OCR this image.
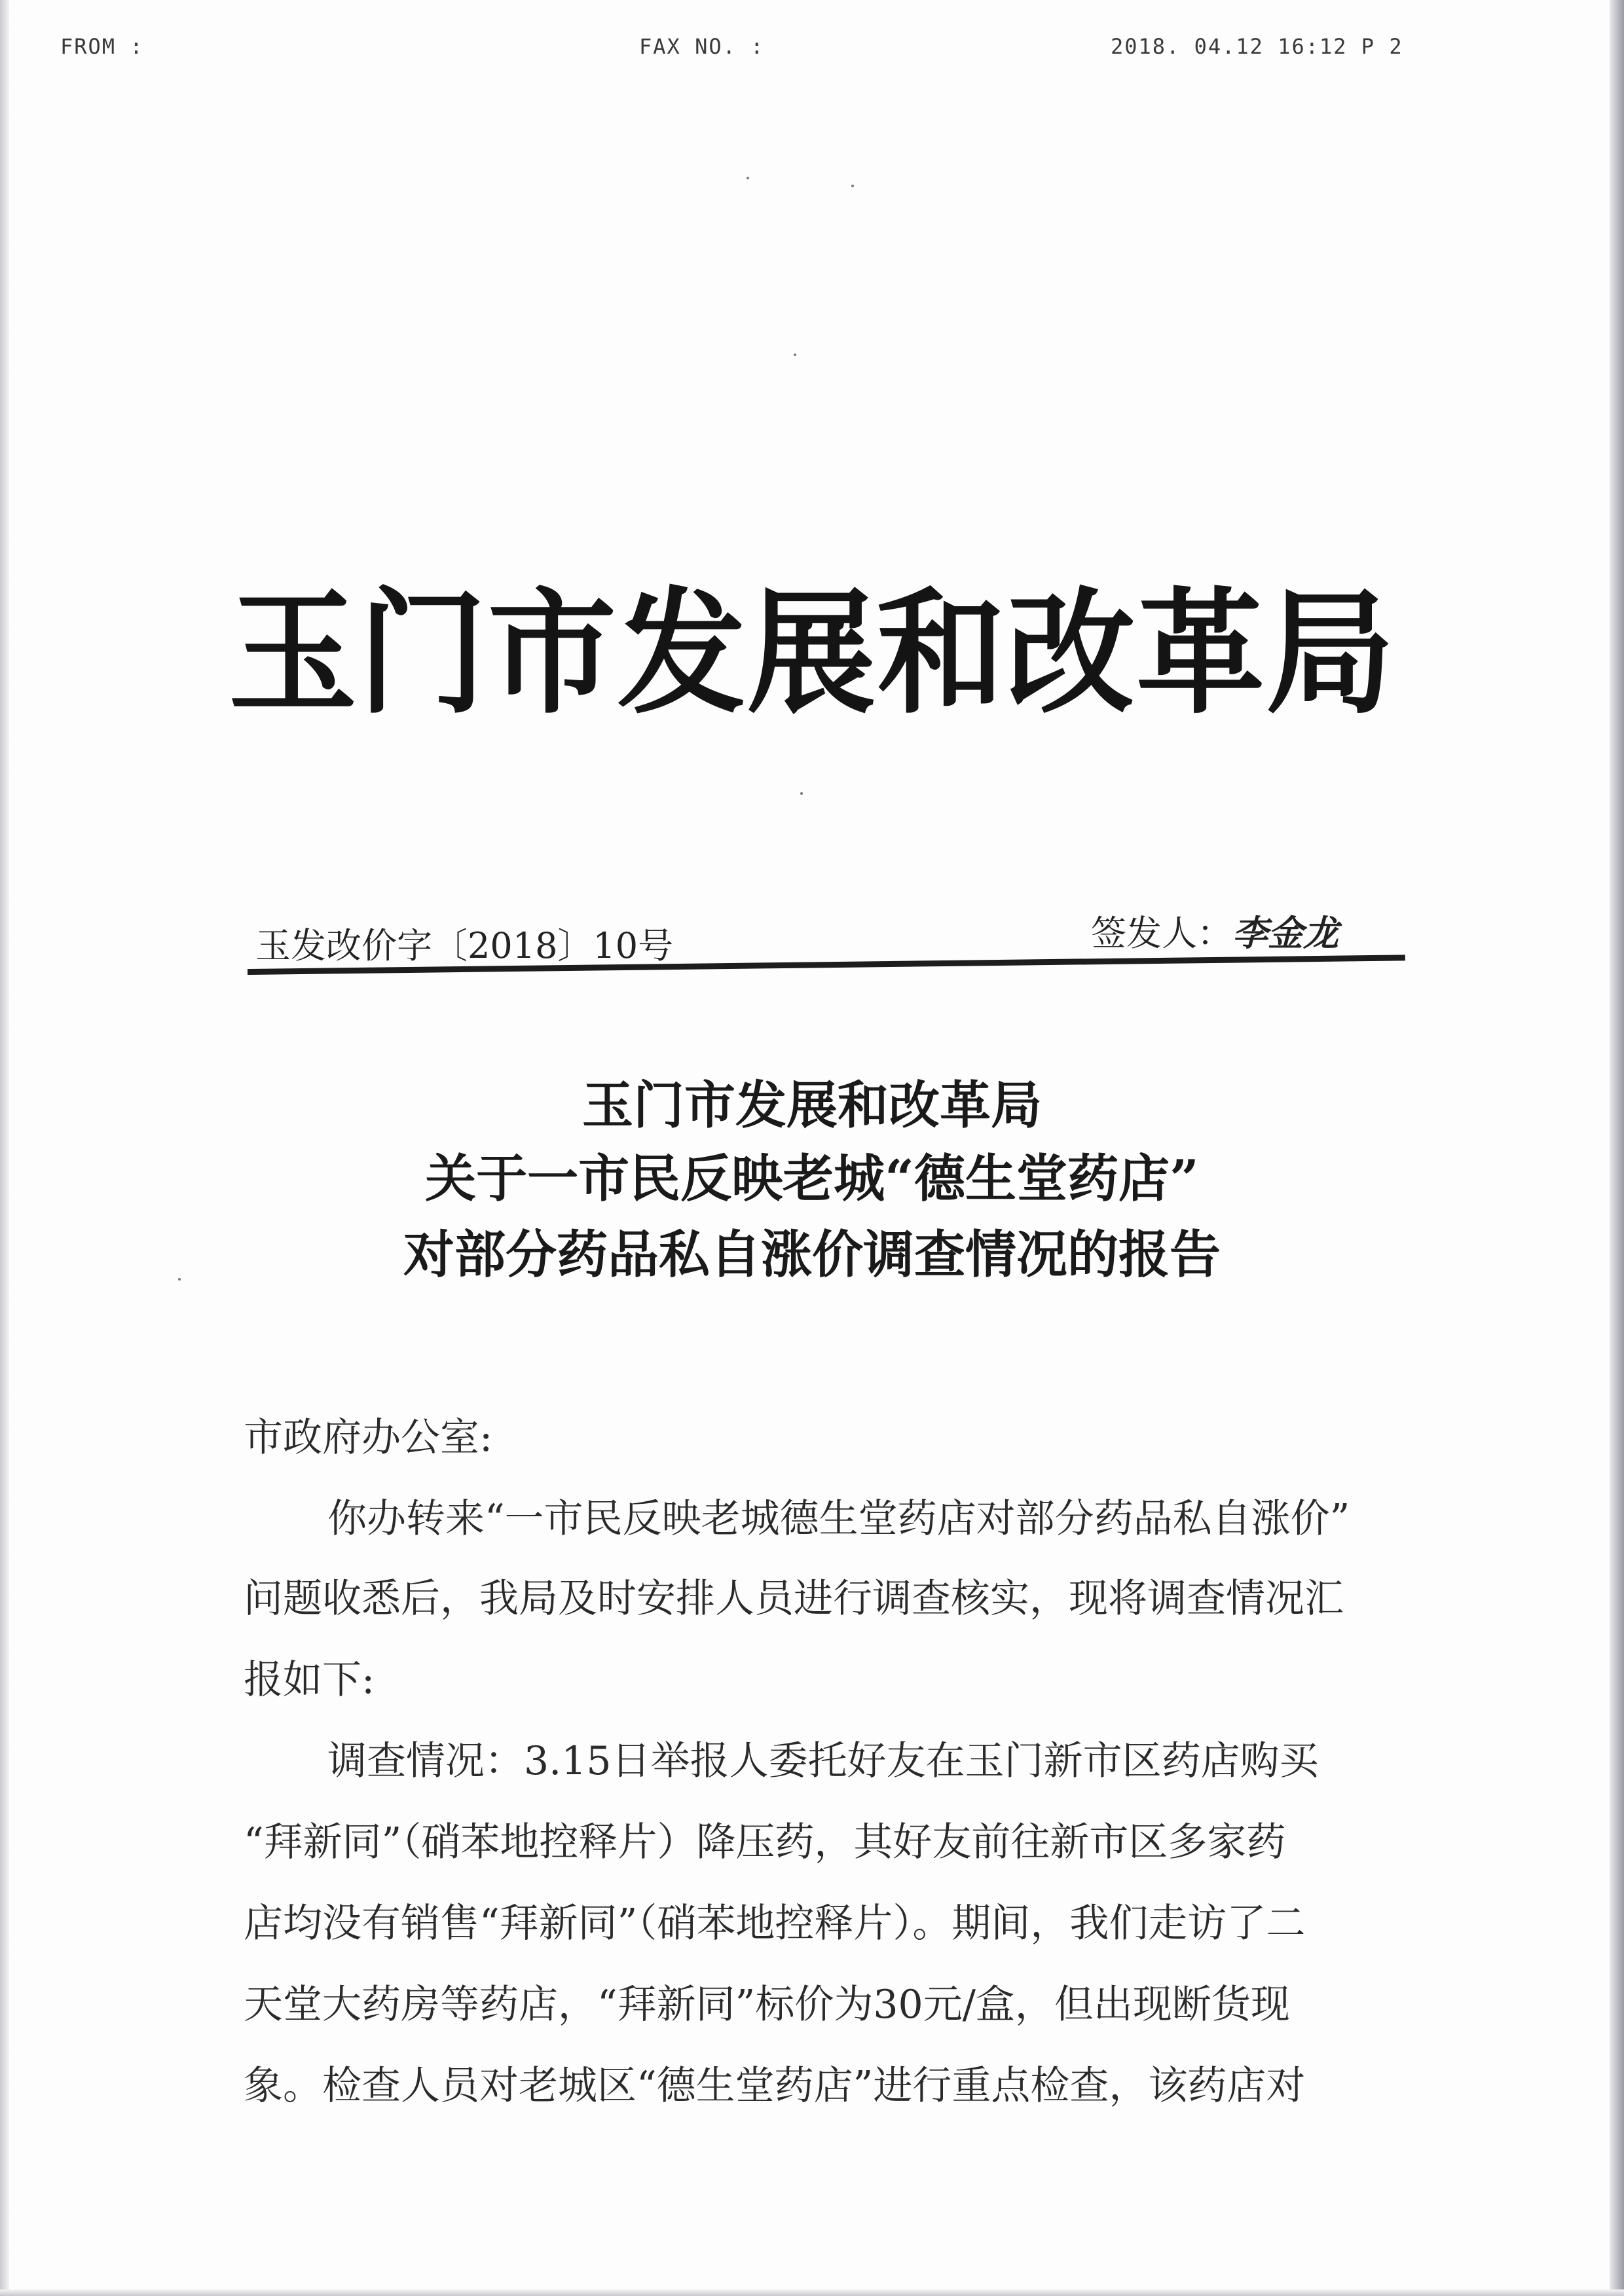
FROM :	FAX NO. :	2018. 04.12 16:12 P 2
玉门市发展和改革局
玉发改价字〔2018〕10号	签发人：李金龙
玉门市发展和改革局
关于一市民反映老城“德生堂药店”
对部分药品私自涨价调查情况的报告
市政府办公室:
你办转来“一市民反映老城德生堂药店对部分药品私自涨价”
问题收悉后，我局及时安排人员进行调查核实，现将调查情况汇
报如下:
调查情况：3.15日举报人委托好友在玉门新市区药店购买
“拜新同”（硝苯地控释片）降压药，其好友前往新市区多家药
店均没有销售“拜新同”（硝苯地控释片）。期间，我们走访了二
天堂大药房等药店，“拜新同”标价为30元/盒，但出现断货现
象。检查人员对老城区“德生堂药店”进行重点检查，该药店对
